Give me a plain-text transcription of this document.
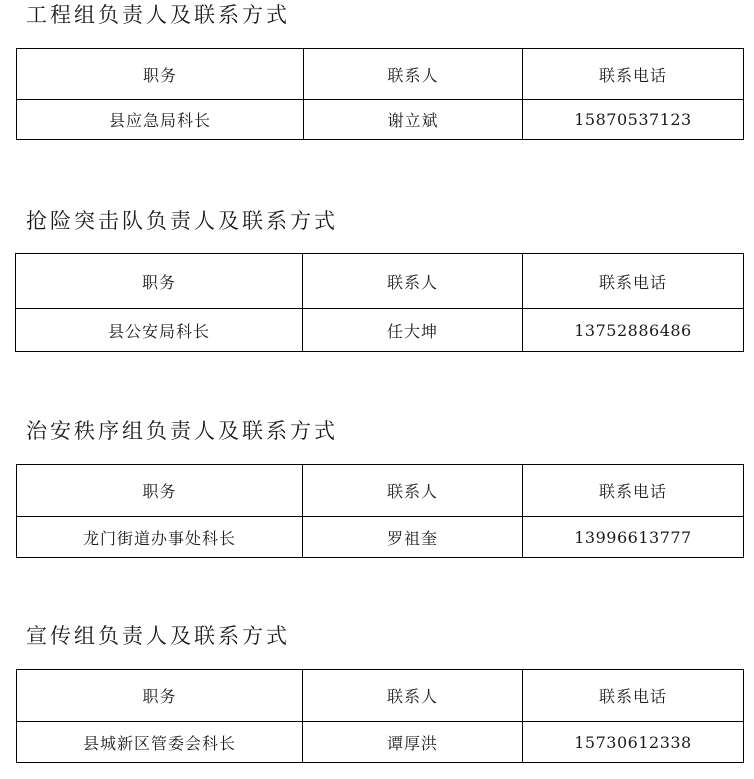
工程组负责人及联系方式
职务	联系人	联系电话
县应急局科长	谢立斌	15870537123
抢险突击队负责人及联系方式
职务	联系人	联系电话
县公安局科长	任大坤	13752886486
治安秩序组负责人及联系方式
职务	联系人	联系电话
龙门街道办事处科长	罗祖奎	13996613777
宣传组负责人及联系方式
职务	联系人	联系电话
县城新区管委会科长	谭厚洪	15730612338
